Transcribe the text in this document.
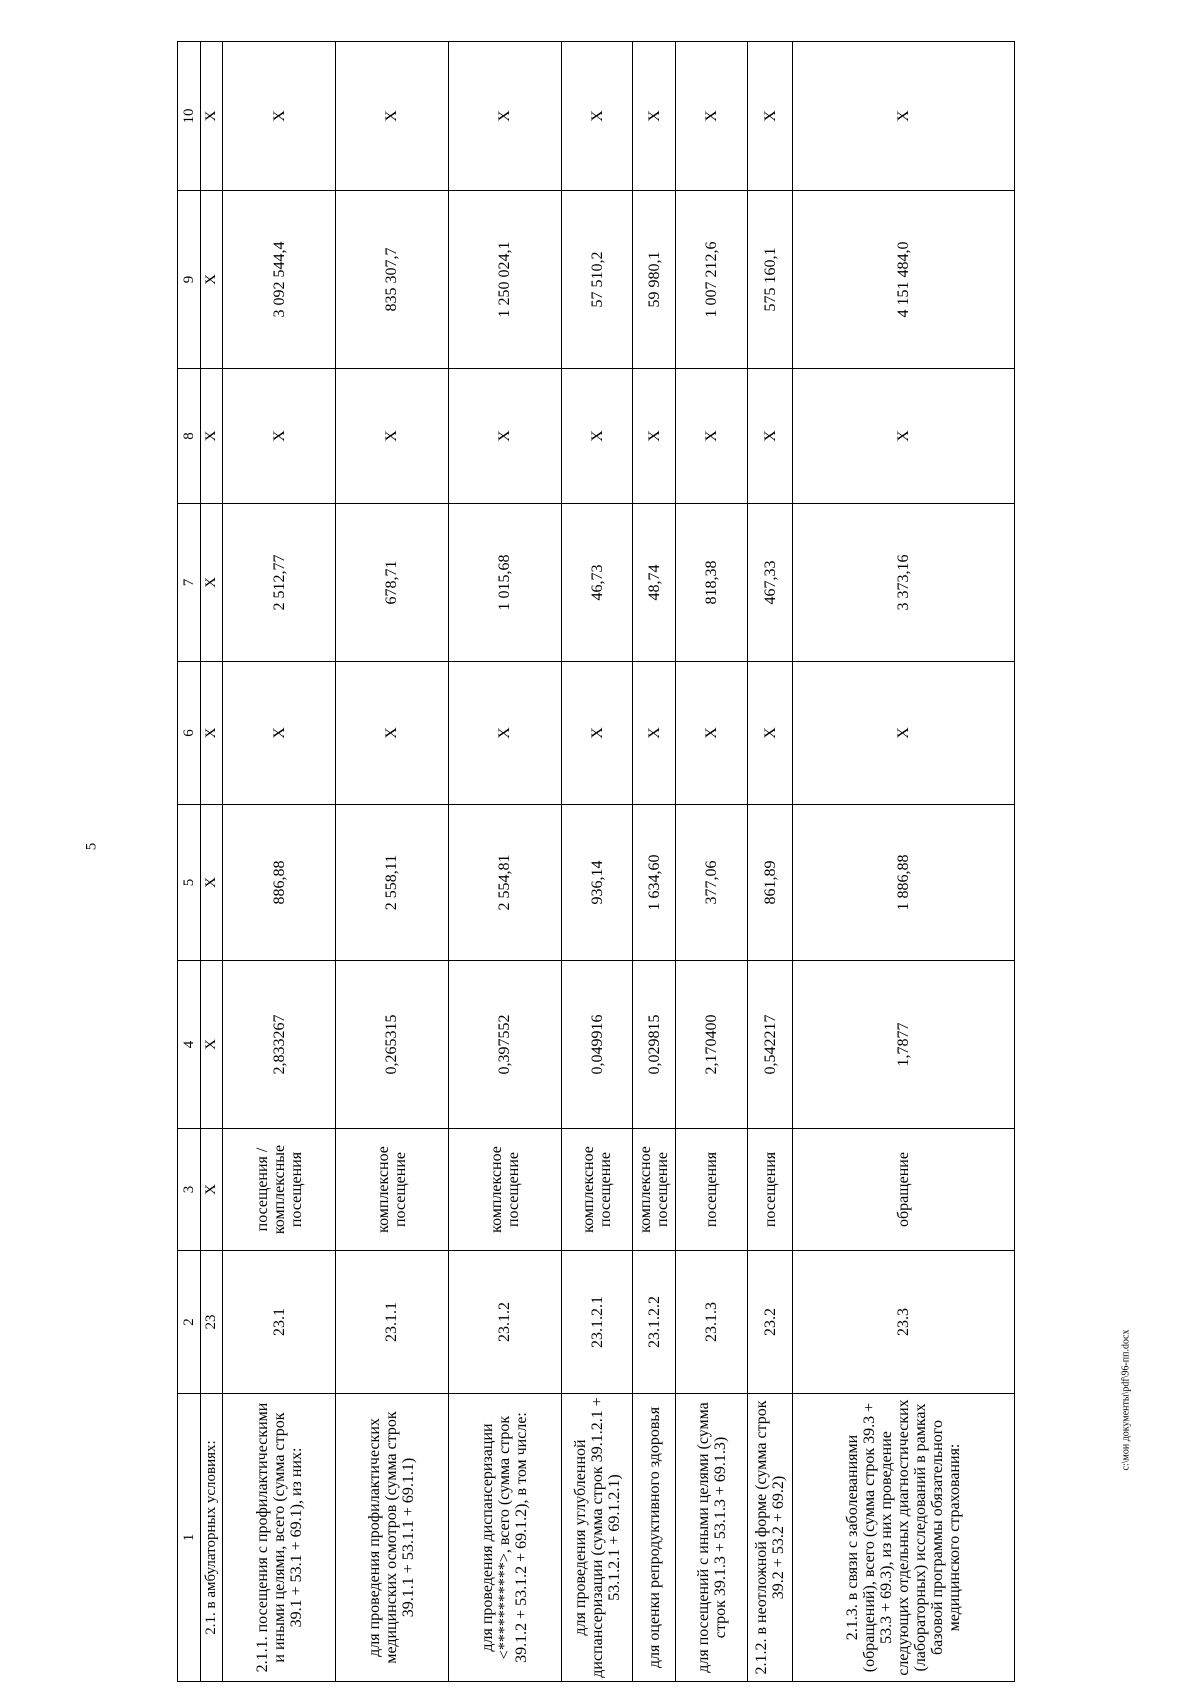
5
c:\мои документы\pdf\96-пп.docx
1	2	3	4	5	6	7	8	9	10
2.1. в амбулаторных условиях:	23	X	X	X	X	X	X	X	X
2.1.1. посещения с профилактическими и иными целями, всего (сумма строк 39.1 + 53.1 + 69.1), из них:	23.1	посещения /комплексные посещения	2,833267	886,88	X	2 512,77	X	3 092 544,4	X
для проведения профилактических медицинских осмотров (сумма строк 39.1.1 + 53.1.1 + 69.1.1)	23.1.1	комплексное посещение	0,265315	2 558,11	X	678,71	X	835 307,7	X
для проведения диспансеризации <***********>, всего (сумма строк 39.1.2 + 53.1.2 + 69.1.2), в том числе:	23.1.2	комплексное посещение	0,397552	2 554,81	X	1 015,68	X	1 250 024,1	X
для проведения углубленной диспансеризации (сумма строк 39.1.2.1 + 53.1.2.1 + 69.1.2.1)	23.1.2.1	комплексное посещение	0,049916	936,14	X	46,73	X	57 510,2	X
для оценки репродуктивного здоровья	23.1.2.2	комплексное посещение	0,029815	1 634,60	X	48,74	X	59 980,1	X
для посещений с иными целями (сумма строк 39.1.3 + 53.1.3 + 69.1.3)	23.1.3	посещения	2,170400	377,06	X	818,38	X	1 007 212,6	X
2.1.2. в неотложной форме (сумма строк 39.2 + 53.2 + 69.2)	23.2	посещения	0,542217	861,89	X	467,33	X	575 160,1	X
2.1.3. в связи с заболеваниями (обращений), всего (сумма строк 39.3 + 53.3 + 69.3), из них проведение следующих отдельных диагностических (лабораторных) исследований в рамках базовой программы обязательного медицинского страхования:	23.3	обращение	1,7877	1 886,88	X	3 373,16	X	4 151 484,0	X
